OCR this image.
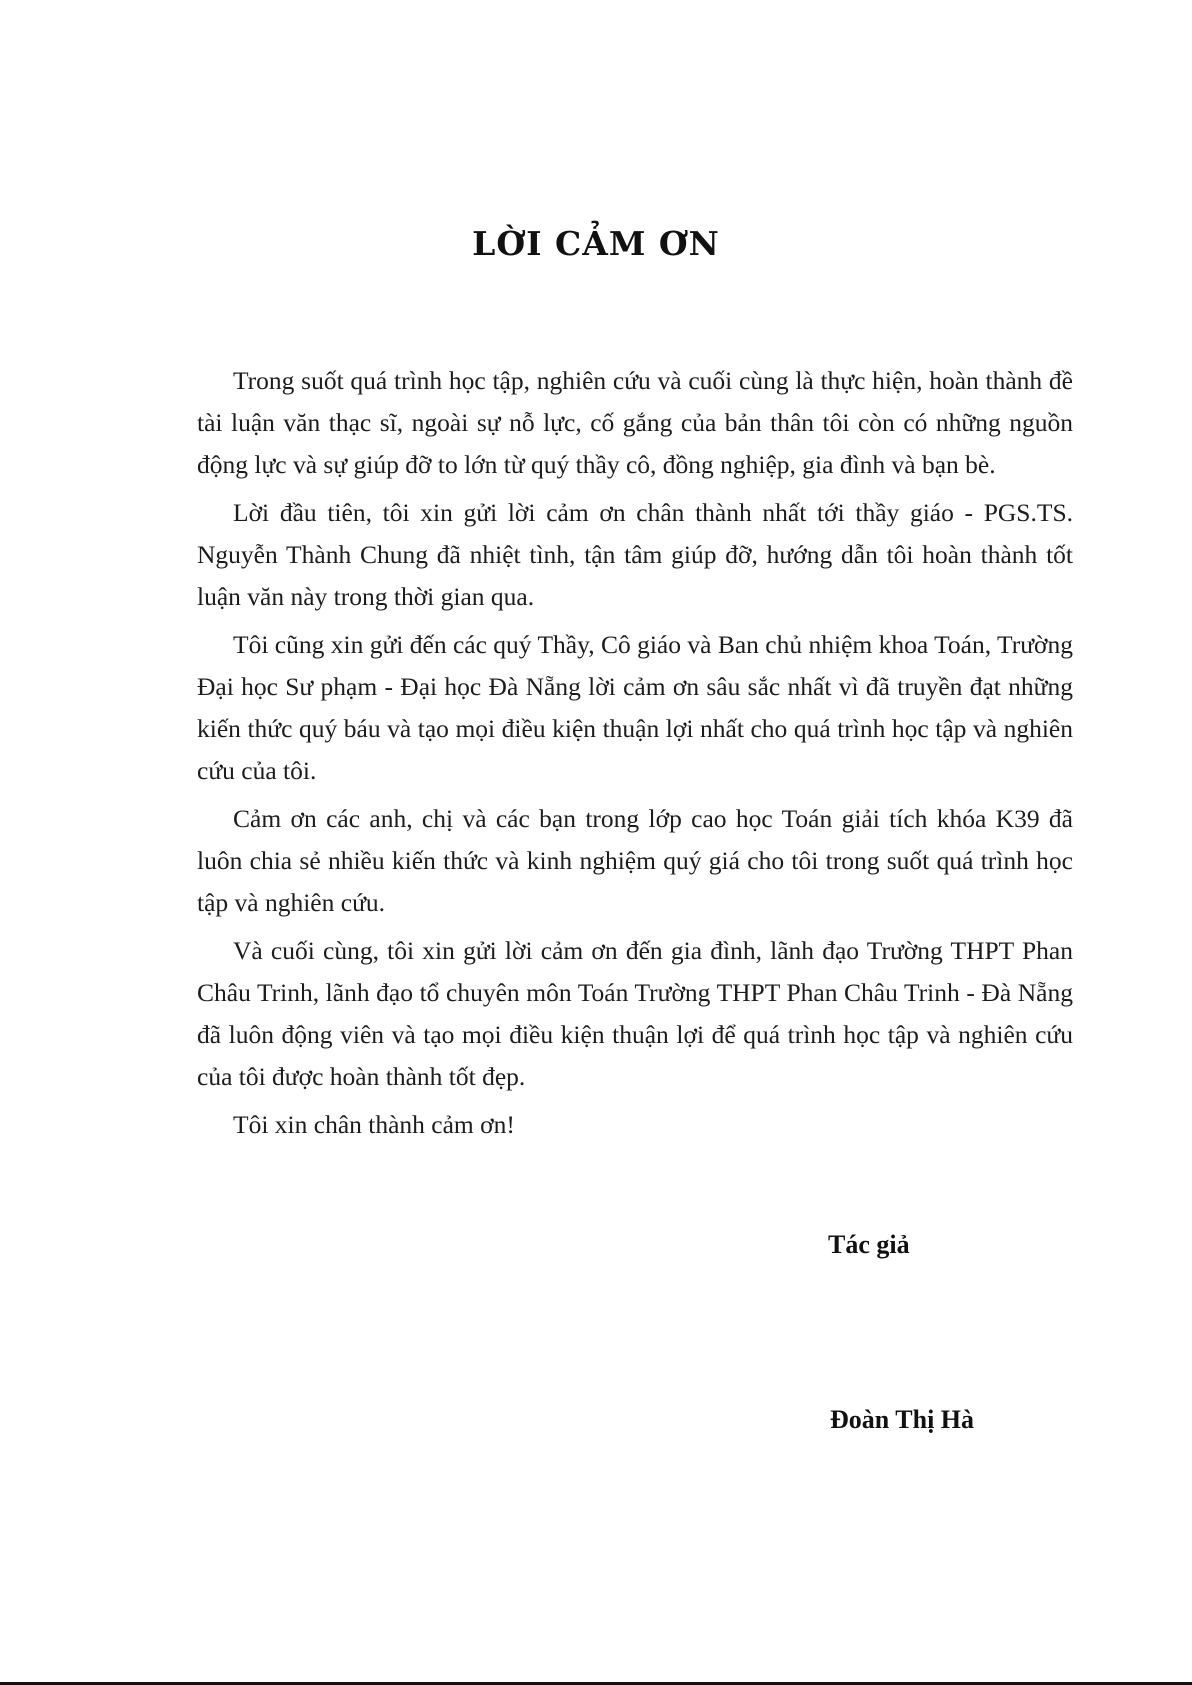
LỜI CẢM ƠN

Trong suốt quá trình học tập, nghiên cứu và cuối cùng là thực hiện, hoàn thành đề tài luận văn thạc sĩ, ngoài sự nỗ lực, cố gắng của bản thân tôi còn có những nguồn động lực và sự giúp đỡ to lớn từ quý thầy cô, đồng nghiệp, gia đình và bạn bè.

Lời đầu tiên, tôi xin gửi lời cảm ơn chân thành nhất tới thầy giáo - PGS.TS. Nguyễn Thành Chung đã nhiệt tình, tận tâm giúp đỡ, hướng dẫn tôi hoàn thành tốt luận văn này trong thời gian qua.

Tôi cũng xin gửi đến các quý Thầy, Cô giáo và Ban chủ nhiệm khoa Toán, Trường Đại học Sư phạm - Đại học Đà Nẵng lời cảm ơn sâu sắc nhất vì đã truyền đạt những kiến thức quý báu và tạo mọi điều kiện thuận lợi nhất cho quá trình học tập và nghiên cứu của tôi.

Cảm ơn các anh, chị và các bạn trong lớp cao học Toán giải tích khóa K39 đã luôn chia sẻ nhiều kiến thức và kinh nghiệm quý giá cho tôi trong suốt quá trình học tập và nghiên cứu.

Và cuối cùng, tôi xin gửi lời cảm ơn đến gia đình, lãnh đạo Trường THPT Phan Châu Trinh, lãnh đạo tổ chuyên môn Toán Trường THPT Phan Châu Trinh - Đà Nẵng đã luôn động viên và tạo mọi điều kiện thuận lợi để quá trình học tập và nghiên cứu của tôi được hoàn thành tốt đẹp.

Tôi xin chân thành cảm ơn!

Tác giả
Đoàn Thị Hà
